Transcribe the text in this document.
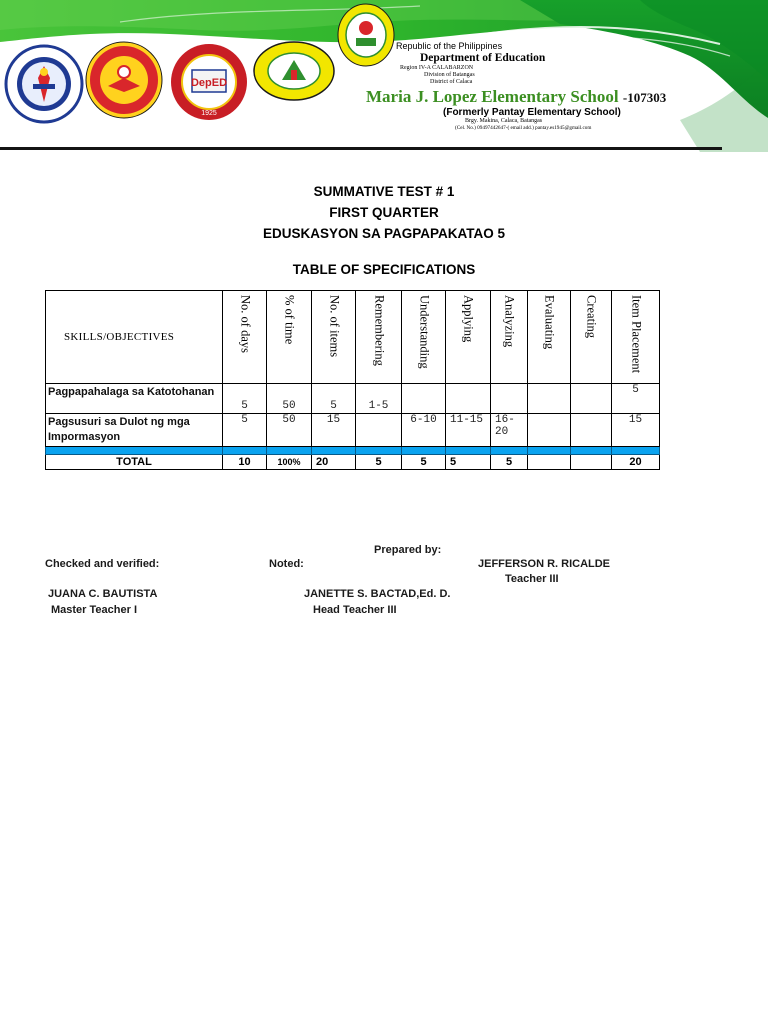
DepED
1925
Republic of the Philippines
Department of Education
Region IV-A CALABARZON
Division of Batangas
District of Calaca
Maria J. Lopez Elementary School -107303
(Formerly Pantay Elementary School)
Brgy. Makina, Calaca, Batangas
(Cel. No.) 09497442647-( email add.) pantay.es1945@gmail.com
SUMMATIVE TEST # 1
FIRST QUARTER
EDUSKASYON SA PAGPAPAKATAO 5
TABLE OF SPECIFICATIONS
SKILLS/OBJECTIVES	No. of days	% of time	No. of items	Remembering	Understanding	Applying	Analyzing	Evaluating	Creating	Item Placement

Pagpapahalaga sa Katotohanan	5	50	5	1-5						5
Pagsusuri sa Dulot ng mga Impormasyon	5	50	15		6-10	11-15	16-20			15

TOTAL	10	100%	20	5	5	5	5			20
Prepared by:
Checked and verified:	Noted:	JEFFERSON R. RICALDE
Teacher III
JUANA C. BAUTISTA	JANETTE S. BACTAD,Ed. D.
Master Teacher I	Head Teacher III
